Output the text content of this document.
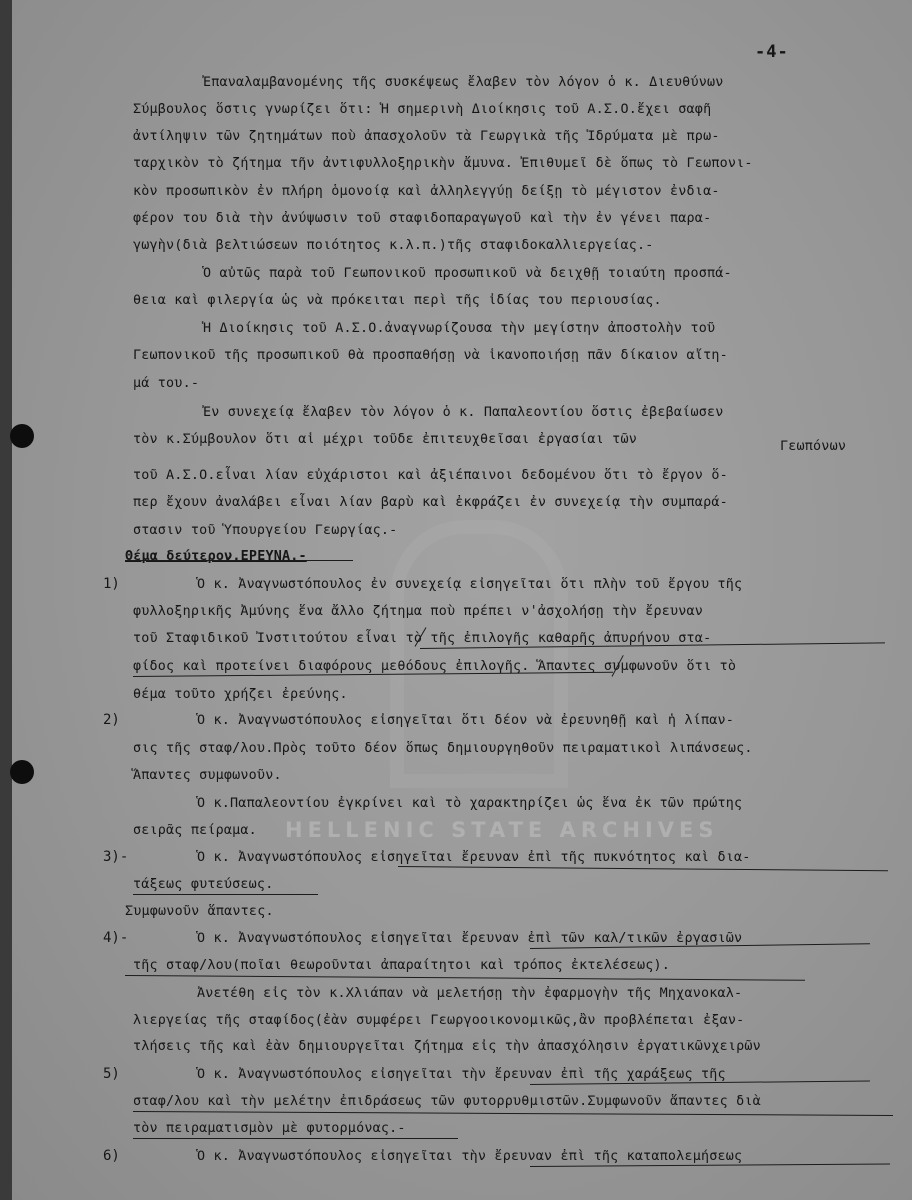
HELLENIC STATE ARCHIVES
-4-
Ἐπαναλαμβανομένης τῆς συσκέψεως ἔλαβεν τὸν λόγον ὁ κ. Διευθύνων
Σύμβουλος ὅστις γνωρίζει ὅτι: Ἡ σημερινὴ Διοίκησις τοῦ Α.Σ.Ο.ἔχει σαφῆ
ἀντίληψιν τῶν ζητημάτων ποὺ ἀπασχολοῦν τὰ Γεωργικὰ τῆς Ἱδρύματα μὲ πρω-
ταρχικὸν τὸ ζήτημα τῆν ἀντιφυλλοξηρικὴν ἄμυνα. Ἐπιθυμεῖ δὲ ὅπως τὸ Γεωπονι-
κὸν προσωπικὸν ἐν πλήρη ὁμονοίᾳ καὶ ἀλληλεγγύῃ δείξῃ τὸ μέγιστον ἐνδια-
φέρον του διὰ τὴν ἀνύψωσιν τοῦ σταφιδοπαραγωγοῦ καὶ τὴν ἐν γένει παρα-
γωγὴν(διὰ βελτιώσεων ποιότητος κ.λ.π.)τῆς σταφιδοκαλλιεργείας.-
Ὁ αὐτῶς παρὰ τοῦ Γεωπονικοῦ προσωπικοῦ νὰ δειχθῇ τοιαύτη προσπά-
θεια καὶ φιλεργία ὡς νὰ πρόκειται περὶ τῆς ἰδίας του περιουσίας.
Ἡ Διοίκησις τοῦ Α.Σ.Ο.ἀναγνωρίζουσα τὴν μεγίστην ἀποστολὴν τοῦ
Γεωπονικοῦ τῆς προσωπικοῦ θὰ προσπαθήσῃ νὰ ἱκανοποιήσῃ πᾶν δίκαιον αἴτη-
μά του.-
Ἐν συνεχείᾳ ἔλαβεν τὸν λόγον ὁ κ. Παπαλεοντίου ὅστις ἐβεβαίωσεν
τὸν κ.Σύμβουλον ὅτι αἱ μέχρι τοῦδε ἐπιτευχθεῖσαι ἐργασίαι τῶν	Γεωπόνων
τοῦ Α.Σ.Ο.εἶναι λίαν εὐχάριστοι καὶ ἀξιέπαινοι δεδομένου ὅτι τὸ ἔργον ὅ-
περ ἔχουν ἀναλάβει εἶναι λίαν βαρὺ καὶ ἐκφράζει ἐν συνεχείᾳ τὴν συμπαρά-
στασιν τοῦ Ὑπουργείου Γεωργίας.-
Θέμα δεύτερον.ΕΡΕΥΝΑ.-
1)	Ὁ κ. Ἀναγνωστόπουλος ἐν συνεχείᾳ εἰσηγεῖται ὅτι πλὴν τοῦ ἔργου τῆς
φυλλοξηρικῆς Ἀμύνης ἕνα ἄλλο ζήτημα ποὺ πρέπει ν'ἀσχολήσῃ τὴν ἔρευναν
τοῦ Σταφιδικοῦ Ἰνστιτούτου εἶναι τὸ τῆς ἐπιλογῆς καθαρῆς ἀπυρήνου στα-
φίδος καὶ προτείνει διαφόρους μεθόδους ἐπιλογῆς. Ἅπαντες συμφωνοῦν ὅτι τὸ
θέμα τοῦτο χρήζει ἐρεύνης.
2)	Ὁ κ. Ἀναγνωστόπουλος εἰσηγεῖται ὅτι δέον νὰ ἐρευνηθῇ καὶ ἡ λίπαν-
σις τῆς σταφ/λου.Πρὸς τοῦτο δέον ὅπως δημιουργηθοῦν πειραματικοὶ λιπάνσεως.
Ἅπαντες συμφωνοῦν.
Ὁ κ.Παπαλεοντίου ἐγκρίνει καὶ τὸ χαρακτηρίζει ὡς ἕνα ἐκ τῶν πρώτης
σειρᾶς πείραμα.
3)-	Ὁ κ. Ἀναγνωστόπουλος εἰσηγεῖται ἔρευναν ἐπὶ τῆς πυκνότητος καὶ δια-
τάξεως φυτεύσεως.
Συμφωνοῦν ἅπαντες.
4)-	Ὁ κ. Ἀναγνωστόπουλος εἰσηγεῖται ἔρευναν ἐπὶ τῶν καλ/τικῶν ἐργασιῶν
τῆς σταφ/λου(ποῖαι θεωροῦνται ἀπαραίτητοι καὶ τρόπος ἐκτελέσεως).
Ἀνετέθη εἰς τὸν κ.Χλιάπαν νὰ μελετήσῃ τὴν ἐφαρμογὴν τῆς Μηχανοκαλ-
λιεργείας τῆς σταφίδος(ἐὰν συμφέρει Γεωργοοικονομικῶς,ἂν προβλέπεται ἐξαν-
τλήσεις τῆς καὶ ἐὰν δημιουργεῖται ζήτημα εἰς τὴν ἀπασχόλησιν ἐργατικῶνχειρῶν
5)	Ὁ κ. Ἀναγνωστόπουλος εἰσηγεῖται τὴν ἔρευναν ἐπὶ τῆς χαράξεως τῆς
σταφ/λου καὶ τὴν μελέτην ἐπιδράσεως τῶν φυτορρυθμιστῶν.Συμφωνοῦν ἅπαντες διὰ
τὸν πειραματισμὸν μὲ φυτορμόνας.-
6)	Ὁ κ. Ἀναγνωστόπουλος εἰσηγεῖται τὴν ἔρευναν ἐπὶ τῆς καταπολεμήσεως
